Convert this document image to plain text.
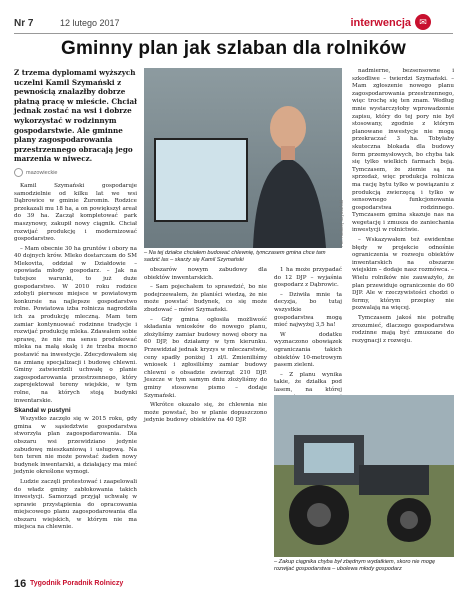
Nr 7	12 lutego 2017	interwencja ✉
Gminny plan jak szlaban dla rolników
Z trzema dyplomami wyższych uczelni Kamil Szymański z pewnością znalazłby dobrze płatną pracę w mieście. Chciał jednak zostać na wsi i dobrze wykorzystać w rodzinnym gospodarstwie. Ale gminne plany zagospodarowania przestrzennego obracają jego marzenia w niwecz.
mazowieckie

Kamil Szymański gospodaruje samodzielnie od kilku lat we wsi Dąbrowice w gminie Żuromin. Rodzice przekazali mu 18 ha, a on powiększył areał do 39 ha. Zaczął kompletować park maszynowy, zakupił nowy ciągnik. Chciał rozwijać produkcję i modernizować gospodarstwo.

– Mam obecnie 30 ha gruntów i obory na 40 dojnych krów. Mleko dostarczam do SM Mlekovita, oddział w Działdowie – opowiada młody gospodarz. – Jak na tutejsze warunki, to już duże gospodarstwo. W 2010 roku rodzice zdobyli pierwsze miejsce w powiatowym konkursie na najlepsze gospodarstwo rolne. Powiatowa izba rolnicza nagrodziła ich za produkcję mleczną. Mam tem zamiar kontynuować rodzinne tradycje i rozwijać produkcję mleka. Zdawałem sobie sprawę, że nie ma sensu produkować mleka na małą skalę i że trzeba mocno postawić na inwestycje. Zdecydowałem się na zmianę specjalizacji i budowę chlewni. Gminy zatwierdzili uchwałę o planie zagospodarowania przestrzennego, który zaprojektował tereny wiejskie, w tym rolne, na których stoją budynki inwentarskie.

Skandal w pustyni

Wszystko zaczęło się w 2015 roku, gdy gmina w sąsiedztwie gospodarstwa stworzyła plan zagospodarowania. Dla obszaru wsi przewidziano jedynie zabudowę mieszkaniową i usługową. Na ten teren nie może powstać żaden nowy budynek inwentarski, a działający ma mieć jedynie określone wymogi.

Ludzie zaczęli protestować i zaapelowali do władz gminy zabłokowania takich inwestycji. Samorząd przyjął uchwałę w sprawie przystąpienia do opracowania miejscowego planu zagospodarowania dla obszaru wiejskich, w którym nie ma miejsca na chlewnie.

Fot. Andrzej Szymański
– Na tej działce chciałem budować chlewnię, tymczasem gmina chce tam sadzić las – skarży się Kamil Szymański

obszarów nowym zabudowy dla obiektów inwentarskich.

– Sam pojechałem to sprawdzić, bo nie podejrzewałem, że planiści wiedzą, że nie może powstać budynek, co się może zbudować – mówi Szymański.

– Gdy gmina ogłosiła możliwość składania wniosków do nowego planu, złożyliśmy zamiar budowy nowej obory na 60 DJP, bo działamy w tym kierunku. Przewidział jednak kryzys w mleczarstwie, ceny spadły poniżej 1 zł/l. Zmieniliśmy wniosek i zgłosiliśmy zamiar budowy chlewni o obsadzie zwierząt 210 DJP. Jeszcze w tym samym dniu złożyliśmy do gminy stosowne pismo – dodaje Szymański.

Wkrótce okazało się, że chlewnia nie może powstać, bo w planie dopuszczono jedynie budowy obiektów na 40 DJP.

1 ha może przypadać do 12 DJP – wyjaśnia gospodarz z Dąbrowic.

– Dziwiła mnie ta decyzja, bo tutaj wszystkie gospodarstwa mogą mieć najwyżej 3,5 ha!

W dodatku wyznaczono obowiązek ograniczania takich obiektów 10-metrowym pasem zieleni.

– Z planu wynika takie, że działka pod lasem, na której

nadmierne, bezsensowne i szkodliwe – twierdzi Szymański. – Mam zgłoszenie nowego planu zagospodarowania przestrzennego, więc trochę się ten znam. Według mnie wystarczyłoby wprowadzenie zapisu, który do tej pory nie był stosowany, zgodnie z którym planowane inwestycje nie mogą przekraczać 3 ha. Tobyłaby skuteczna blokada dla budowy ferm przemysłowych, bo chyba tak się tylko wielkich farmach boją. Tymczasem, że ziemie są na sprzedaż, więc produkcja rolnicza ma rację bytu tylko w powiązaniu z produkcją zwierzęcą i tylko w sensownego funkcjonowania gospodarstwa rodzinnego. Tymczasem gmina skazuje nas na wegetację i zmusza do zaniechania inwestycji w rolnictwie.

– Wskazywałem też ewidentne błędy w projekcie odnośnie ograniczenia w rozwoju obiektów inwentarskich na obszarze wiejskim – dodaje nasz rozmówca. – Wielu rolników nie zauważyło, że plan przewiduje ograniczenie do 60 DJP. Ale w rzeczywistości chodzi o fermy, którym przepisy nie pozwalają na więcej.

Tymczasem jakoś nie potrafię zrozumieć, dlaczego gospodarstwa rodzinne mają być zmuszane do rezygnacji z rozwoju.

– Zakup ciągnika chyba był zbędnym wydatkiem, skoro nie mogę rozwijać gospodarstwa – ubolewa młody gospodarz
16 Tygodnik Poradnik Rolniczy
